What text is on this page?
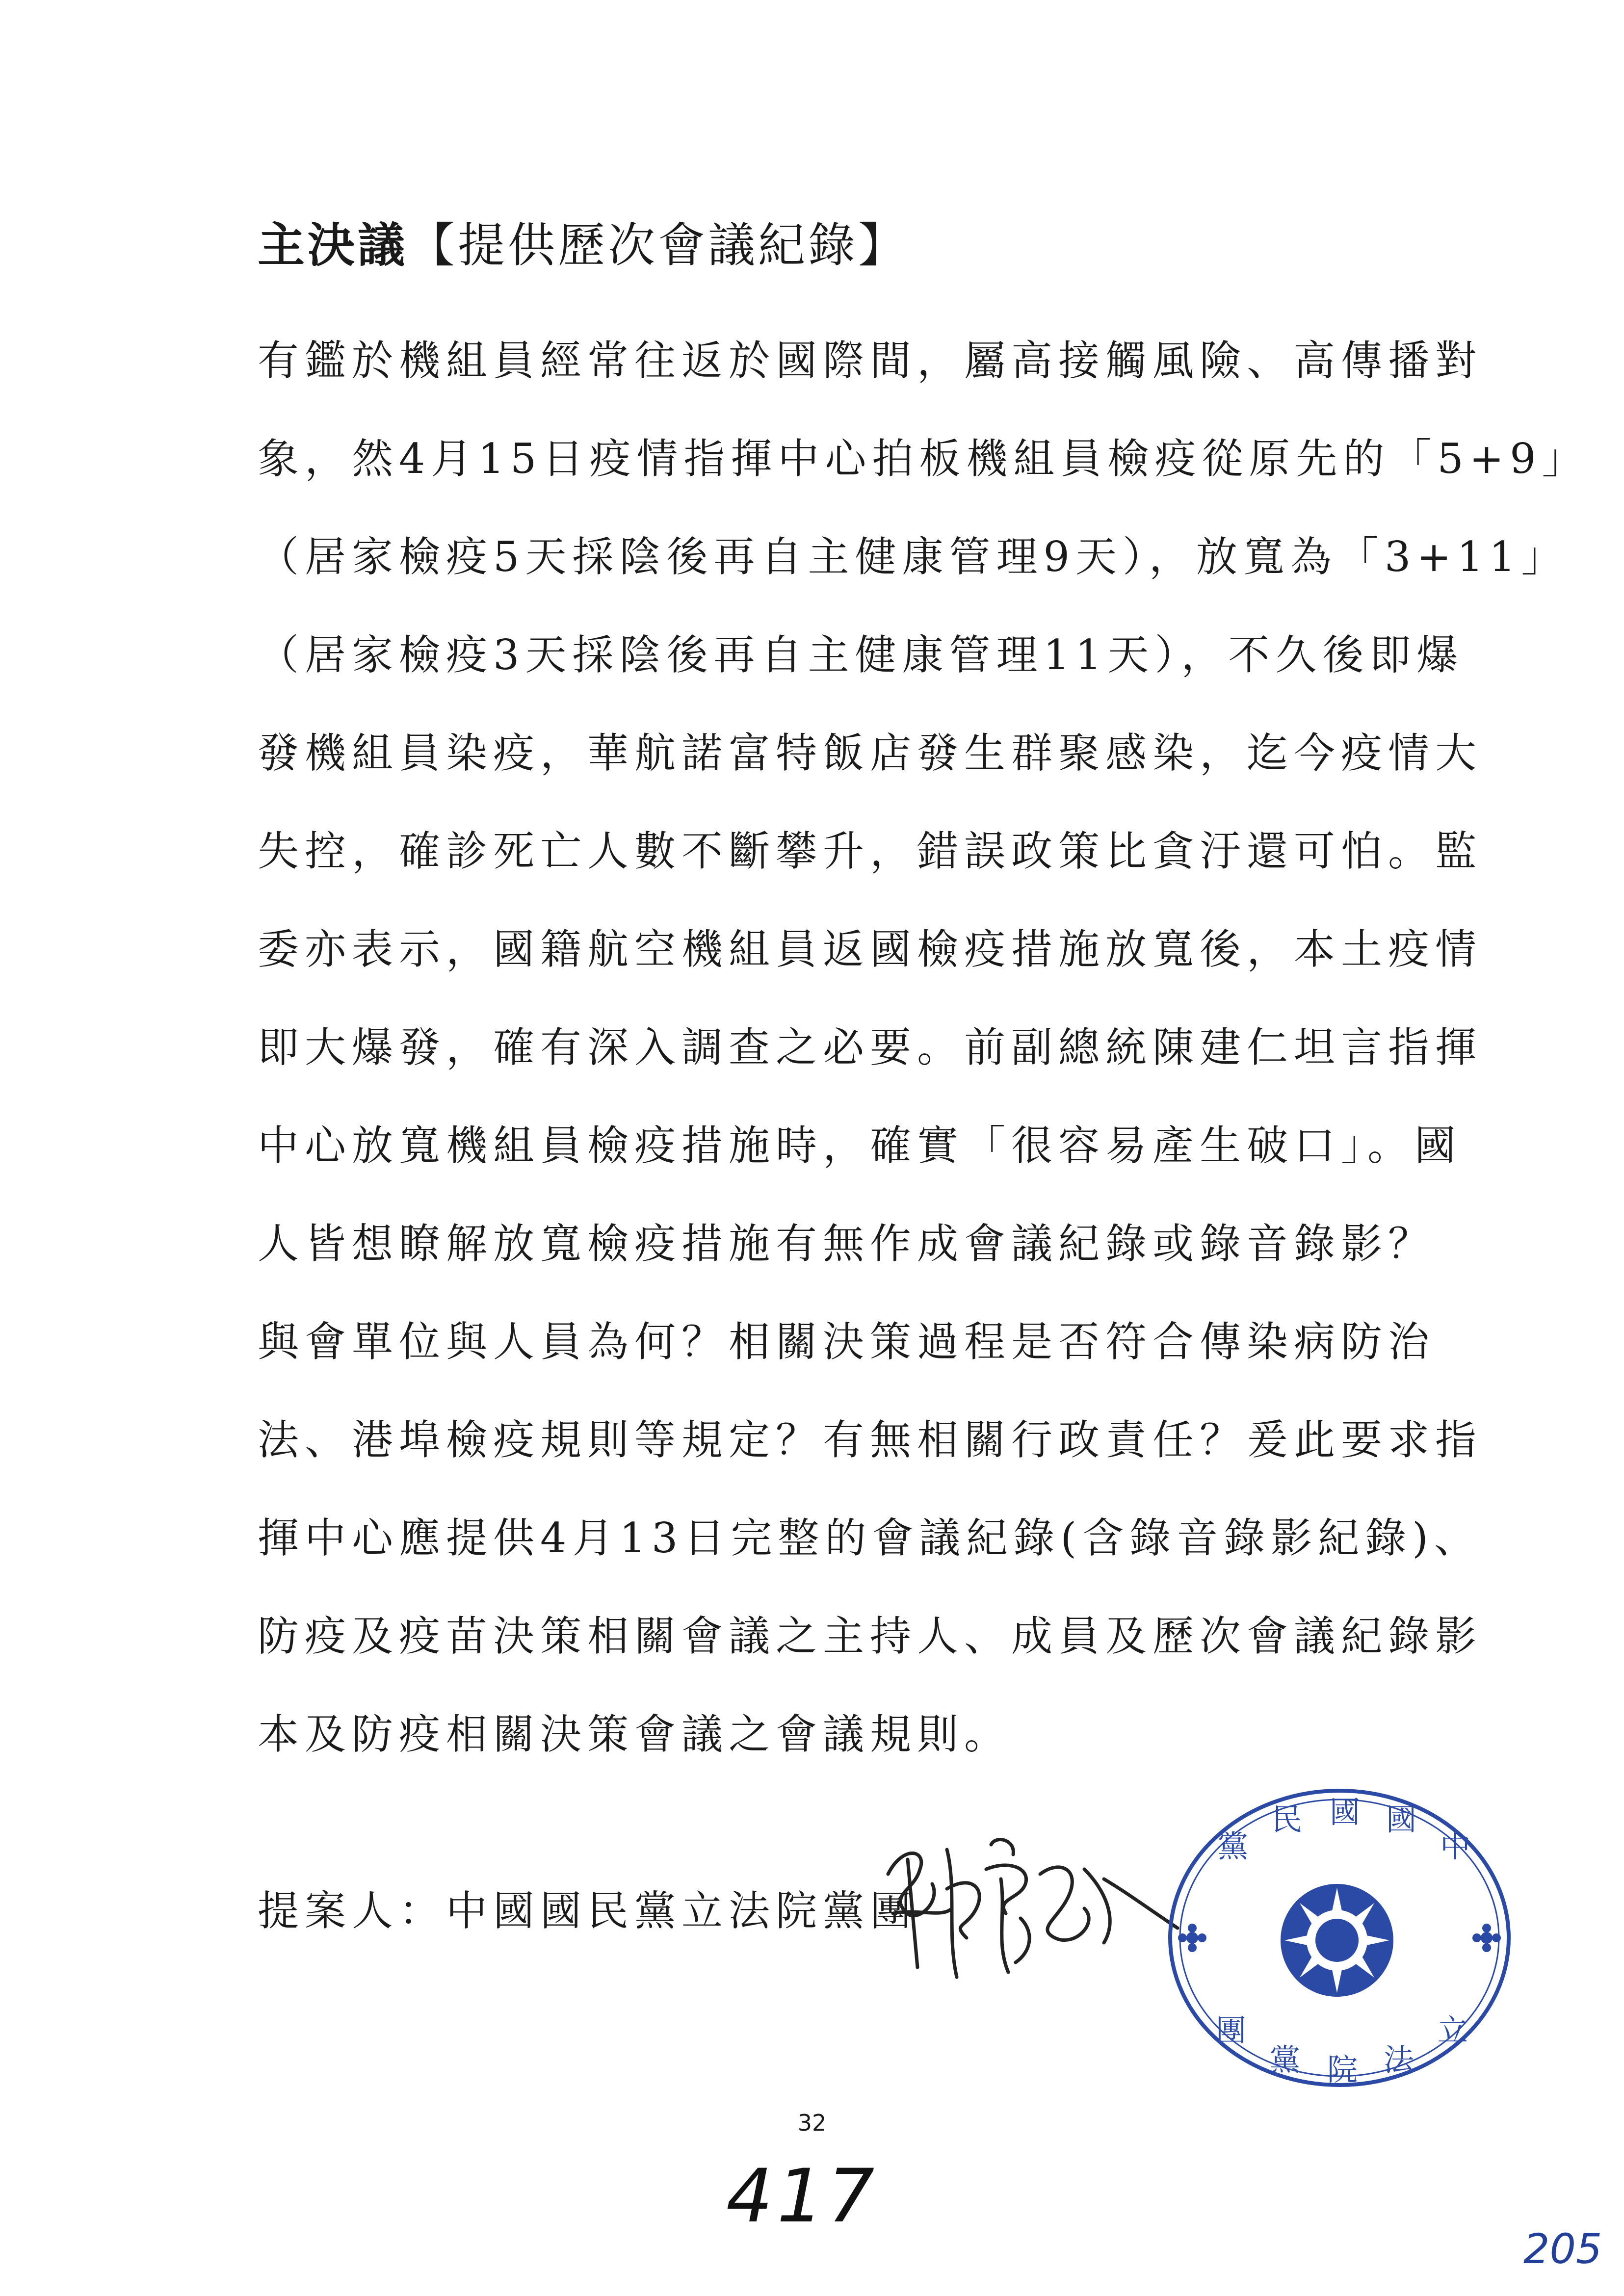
主決議【提供歷次會議紀錄】
有鑑於機組員經常往返於國際間，屬高接觸風險、高傳播對
象，然4月15日疫情指揮中心拍板機組員檢疫從原先的「5+9」
（居家檢疫5天採陰後再自主健康管理9天），放寬為「3+11」
（居家檢疫3天採陰後再自主健康管理11天），不久後即爆
發機組員染疫，華航諾富特飯店發生群聚感染，迄今疫情大
失控，確診死亡人數不斷攀升，錯誤政策比貪汙還可怕。監
委亦表示，國籍航空機組員返國檢疫措施放寬後，本土疫情
即大爆發，確有深入調查之必要。前副總統陳建仁坦言指揮
中心放寬機組員檢疫措施時，確實「很容易產生破口」。國
人皆想瞭解放寬檢疫措施有無作成會議紀錄或錄音錄影？
與會單位與人員為何？相關決策過程是否符合傳染病防治
法、港埠檢疫規則等規定？有無相關行政責任？爰此要求指
揮中心應提供4月13日完整的會議紀錄(含錄音錄影紀錄)、
防疫及疫苗決策相關會議之主持人、成員及歷次會議紀錄影
本及防疫相關決策會議之會議規則。
提案人：中國國民黨立法院黨團
中
國
國
民
黨
立
法
院
黨
團
32
417
205
